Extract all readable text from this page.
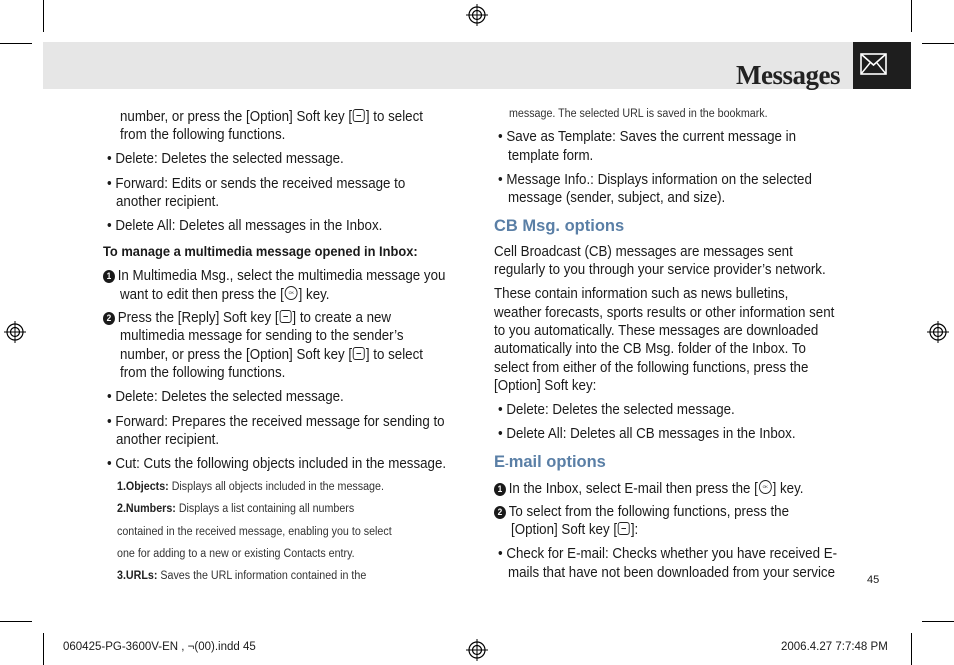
Messages
number, or press the [Option] Soft key [ ] to select
from the following functions.
• Delete: Deletes the selected message.
• Forward: Edits or sends the received message to
another recipient.
• Delete All: Deletes all messages in the Inbox.
To manage a multimedia message opened in Inbox:
1 In Multimedia Msg., select the multimedia message you
want to edit then press the [ OK ] key.
2 Press the [Reply] Soft key [ ] to create a new
multimedia message for sending to the sender’s
number, or press the [Option] Soft key [ ] to select
from the following functions.
• Delete: Deletes the selected message.
• Forward: Prepares the received message for sending to
another recipient.
• Cut: Cuts the following objects included in the message.
1.Objects: Displays all objects included in the message.
2.Numbers: Displays a list containing all numbers
contained in the received message, enabling you to select
one for adding to a new or existing Contacts entry.
3.URLs: Saves the URL information contained in the
message. The selected URL is saved in the bookmark.
• Save as Template: Saves the current message in
template form.
• Message Info.: Displays information on the selected
message (sender, subject, and size).
CB Msg. options
Cell Broadcast (CB) messages are messages sent
regularly to you through your service provider’s network.
These contain information such as news bulletins,
weather forecasts, sports results or other information sent
to you automatically. These messages are downloaded
automatically into the CB Msg. folder of the Inbox. To
select from either of the following functions, press the
[Option] Soft key:
• Delete: Deletes the selected message.
• Delete All: Deletes all CB messages in the Inbox.
E-mail options
1 In the Inbox, select E-mail then press the [ OK ] key.
2 To select from the following functions, press the
[Option] Soft key [ ]:
• Check for E-mail: Checks whether you have received E-
mails that have not been downloaded from your service	45
060425-PG-3600V-EN , ¬(00).indd 45	2006.4.27 7:7:48 PM
